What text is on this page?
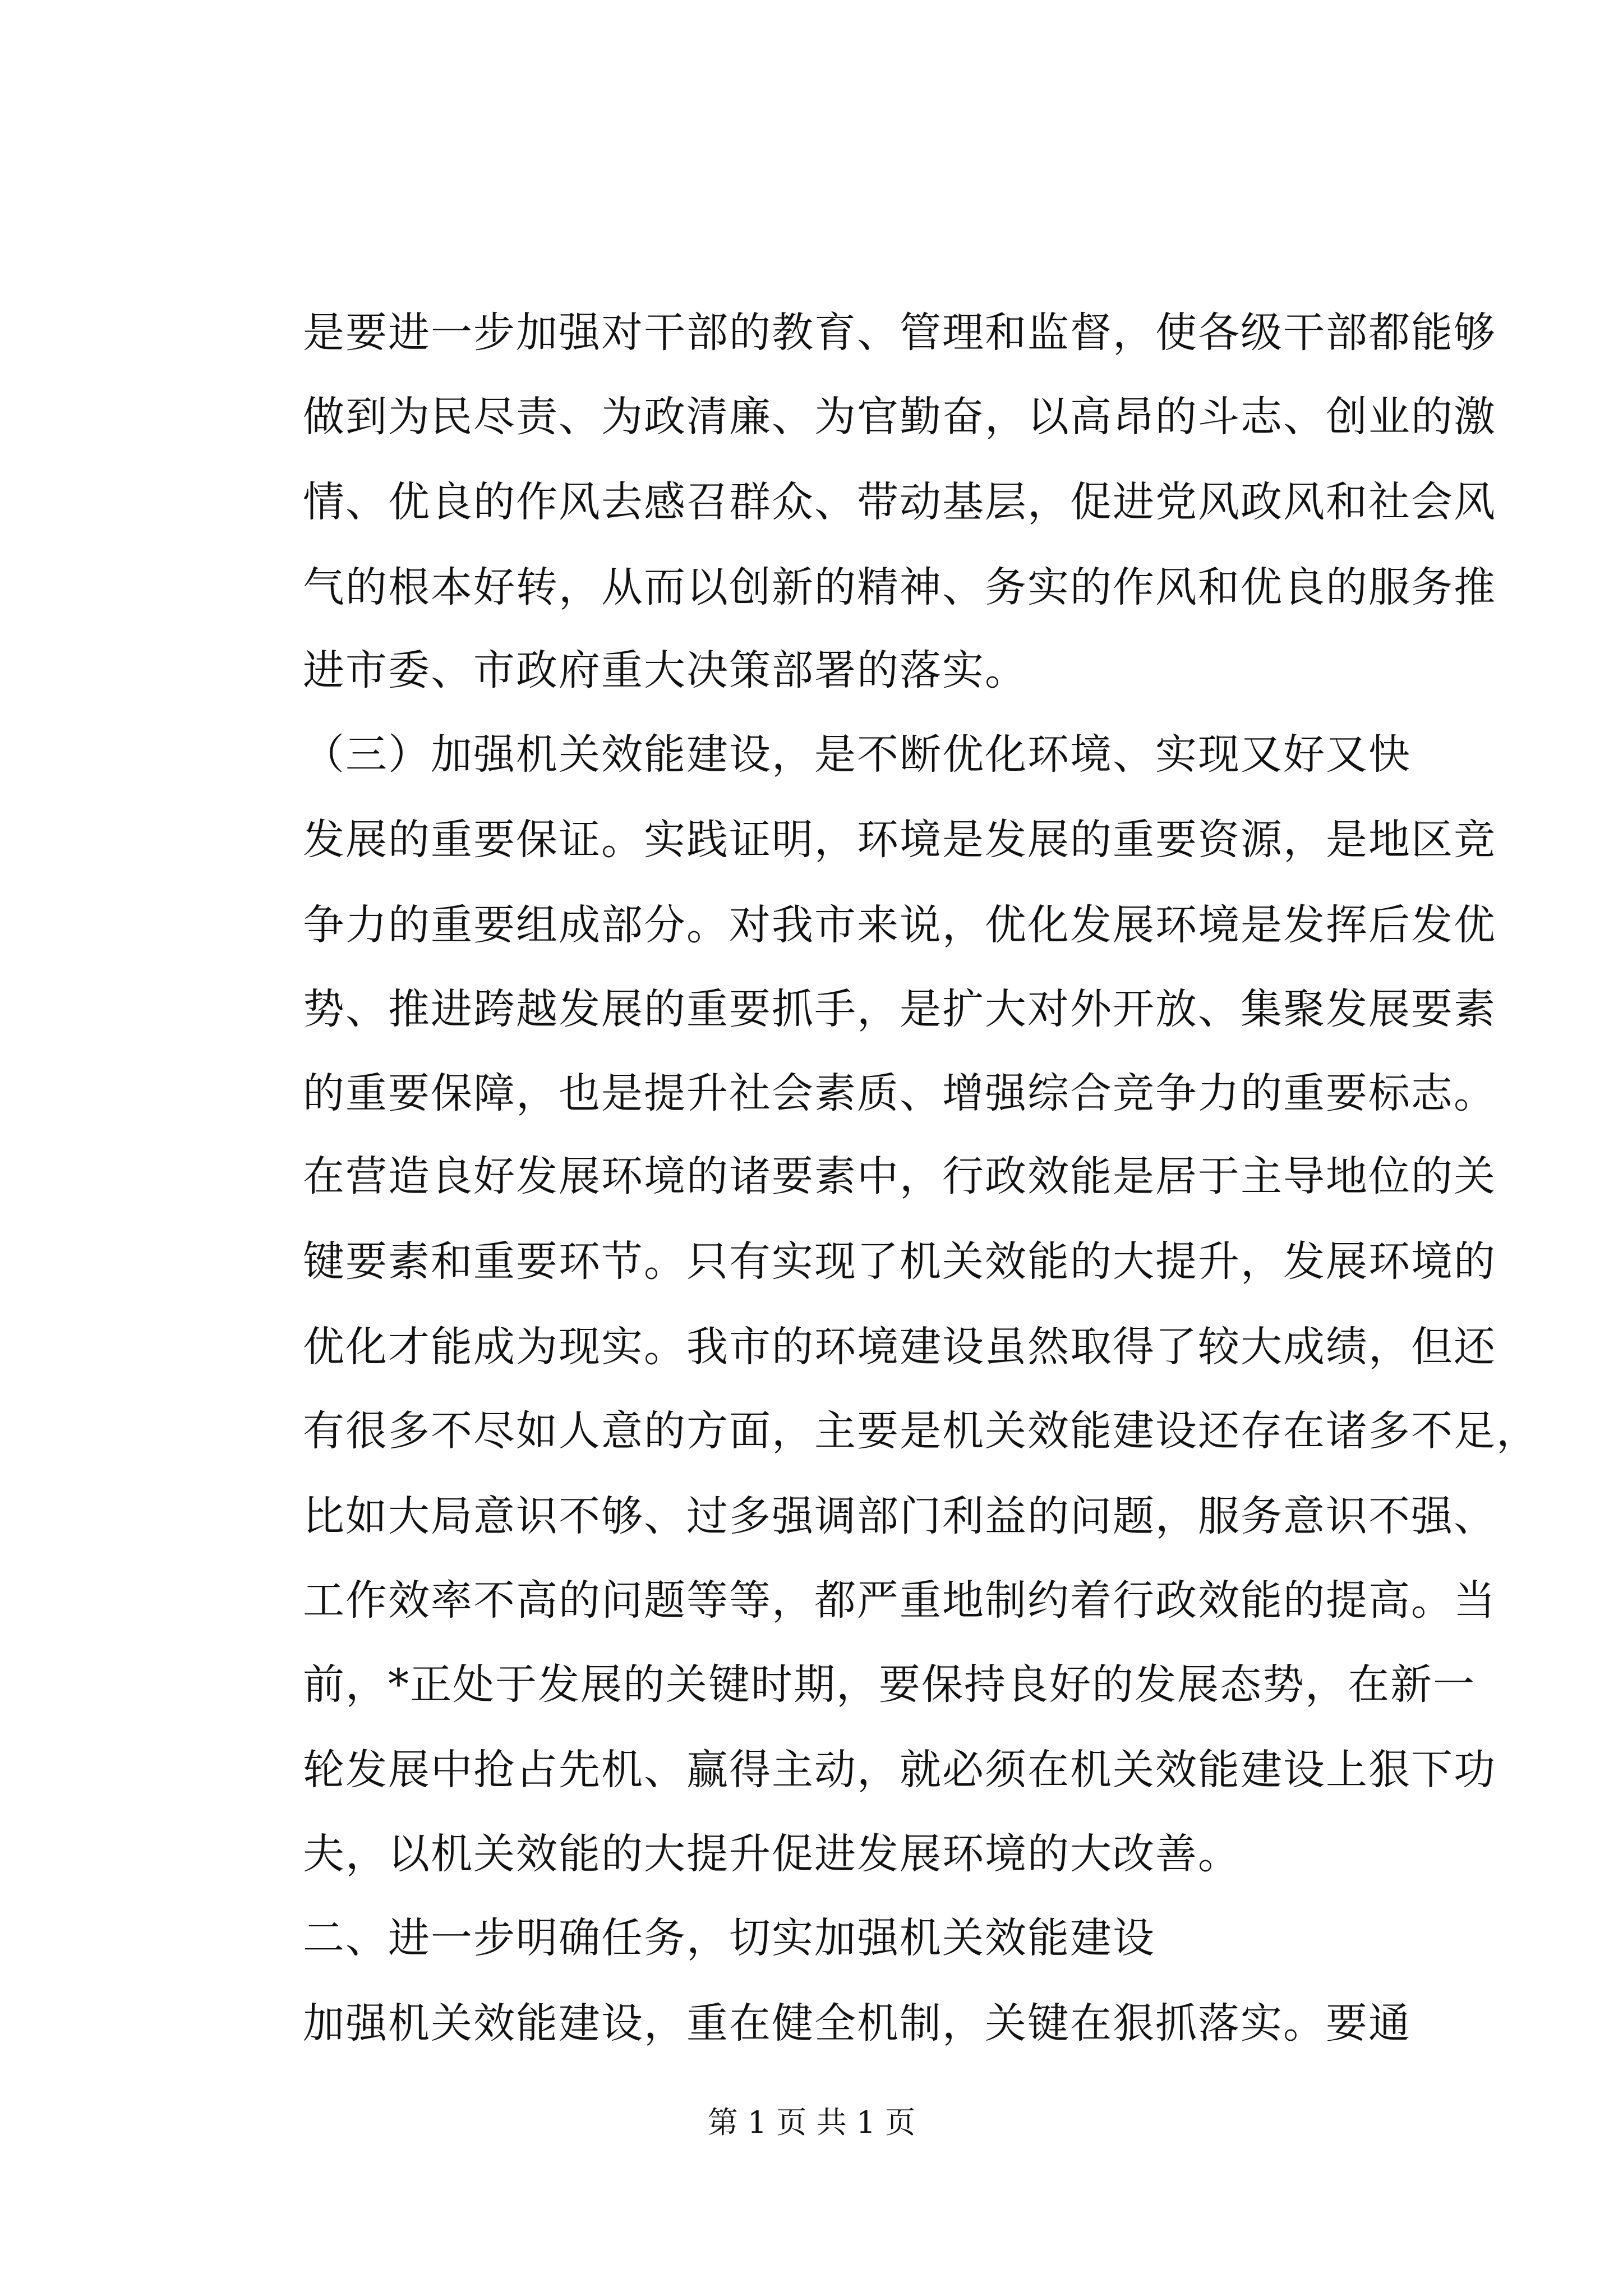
是要进一步加强对干部的教育、管理和监督，使各级干部都能够
做到为民尽责、为政清廉、为官勤奋，以高昂的斗志、创业的激
情、优良的作风去感召群众、带动基层，促进党风政风和社会风
气的根本好转，从而以创新的精神、务实的作风和优良的服务推
进市委、市政府重大决策部署的落实。
（三）加强机关效能建设，是不断优化环境、实现又好又快
发展的重要保证。实践证明，环境是发展的重要资源，是地区竞
争力的重要组成部分。对我市来说，优化发展环境是发挥后发优
势、推进跨越发展的重要抓手，是扩大对外开放、集聚发展要素
的重要保障，也是提升社会素质、增强综合竞争力的重要标志。
在营造良好发展环境的诸要素中，行政效能是居于主导地位的关
键要素和重要环节。只有实现了机关效能的大提升，发展环境的
优化才能成为现实。我市的环境建设虽然取得了较大成绩，但还
有很多不尽如人意的方面，主要是机关效能建设还存在诸多不足，
比如大局意识不够、过多强调部门利益的问题，服务意识不强、
工作效率不高的问题等等，都严重地制约着行政效能的提高。当
前，*正处于发展的关键时期，要保持良好的发展态势，在新一
轮发展中抢占先机、赢得主动，就必须在机关效能建设上狠下功
夫，以机关效能的大提升促进发展环境的大改善。
二、进一步明确任务，切实加强机关效能建设
加强机关效能建设，重在健全机制，关键在狠抓落实。要通
第 1 页 共 1 页
